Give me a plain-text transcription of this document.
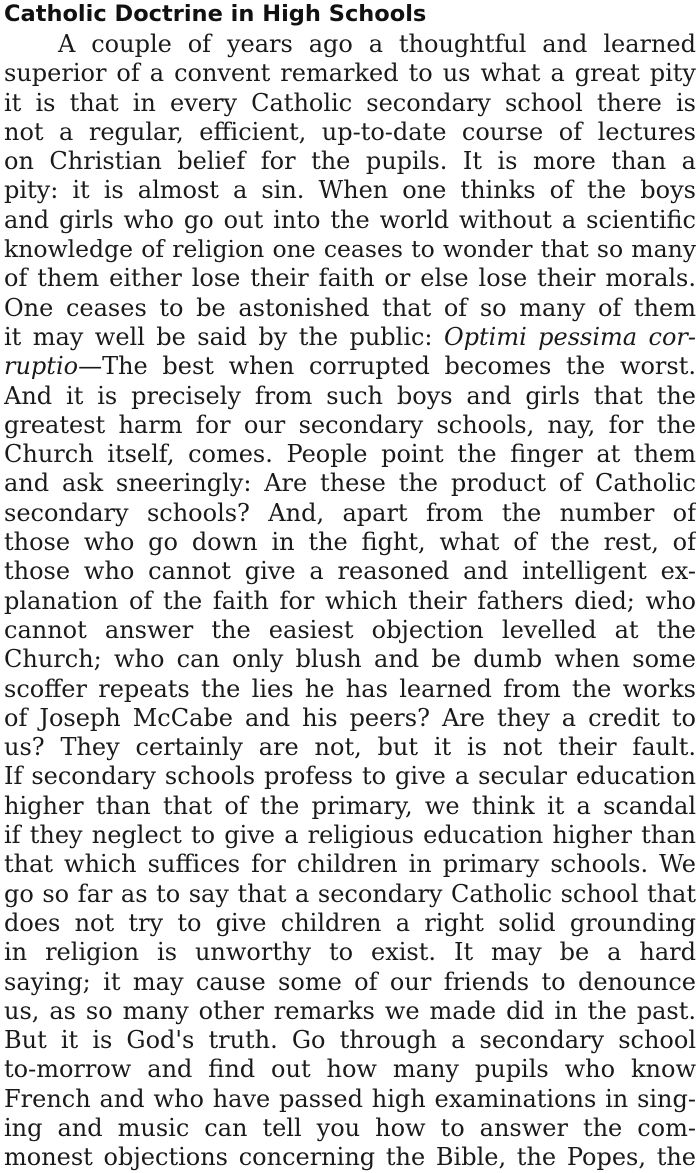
Catholic Doctrine in High Schools
A couple of years ago a thoughtful and learned
superior of a convent remarked to us what a great pity
it is that in every Catholic secondary school there is
not a regular, efficient, up-to-date course of lectures
on Christian belief for the pupils. It is more than a
pity: it is almost a sin. When one thinks of the boys
and girls who go out into the world without a scientific
knowledge of religion one ceases to wonder that so many
of them either lose their faith or else lose their morals.
One ceases to be astonished that of so many of them
it may well be said by the public: Optimi pessima cor-
ruptio—The best when corrupted becomes the worst.
And it is precisely from such boys and girls that the
greatest harm for our secondary schools, nay, for the
Church itself, comes. People point the finger at them
and ask sneeringly: Are these the product of Catholic
secondary schools? And, apart from the number of
those who go down in the fight, what of the rest, of
those who cannot give a reasoned and intelligent ex-
planation of the faith for which their fathers died; who
cannot answer the easiest objection levelled at the
Church; who can only blush and be dumb when some
scoffer repeats the lies he has learned from the works
of Joseph McCabe and his peers? Are they a credit to
us? They certainly are not, but it is not their fault.
If secondary schools profess to give a secular education
higher than that of the primary, we think it a scandal
if they neglect to give a religious education higher than
that which suffices for children in primary schools. We
go so far as to say that a secondary Catholic school that
does not try to give children a right solid grounding
in religion is unworthy to exist. It may be a hard
saying; it may cause some of our friends to denounce
us, as so many other remarks we made did in the past.
But it is God's truth. Go through a secondary school
to-morrow and find out how many pupils who know
French and who have passed high examinations in sing-
ing and music can tell you how to answer the com-
monest objections concerning the Bible, the Popes, the
